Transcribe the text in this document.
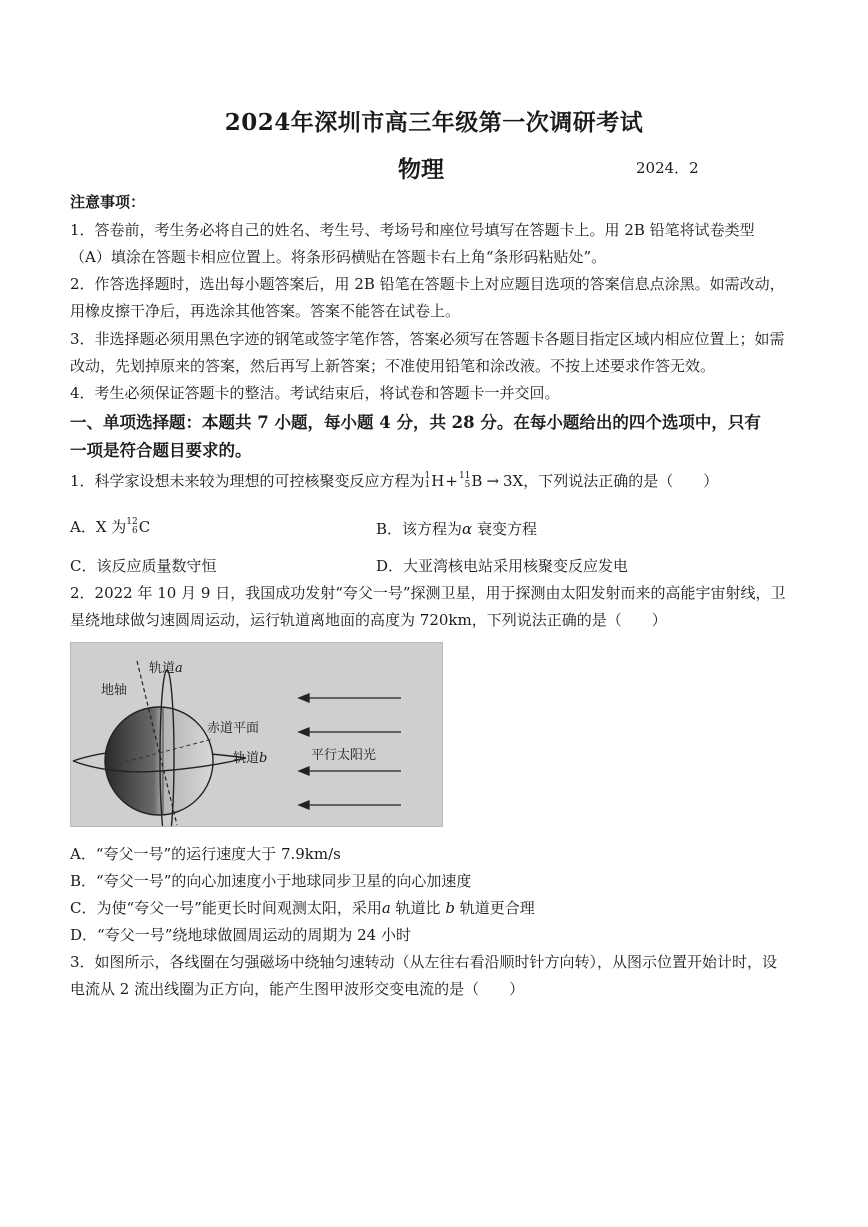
2024年深圳市高三年级第一次调研考试
物理	2024．2
注意事项：
1．答卷前，考生务必将自己的姓名、考生号、考场号和座位号填写在答题卡上。用 2B 铅笔将试卷类型
（A）填涂在答题卡相应位置上。将条形码横贴在答题卡右上角“条形码粘贴处”。
2．作答选择题时，选出每小题答案后，用 2B 铅笔在答题卡上对应题目选项的答案信息点涂黑。如需改动，
用橡皮擦干净后，再选涂其他答案。答案不能答在试卷上。
3．非选择题必须用黑色字迹的钢笔或签字笔作答，答案必须写在答题卡各题目指定区域内相应位置上；如需
改动，先划掉原来的答案，然后再写上新答案；不准使用铅笔和涂改液。不按上述要求作答无效。
4．考生必须保证答题卡的整洁。考试结束后，将试卷和答题卡一并交回。
一、单项选择题：本题共 7 小题，每小题 4 分，共 28 分。在每小题给出的四个选项中，只有
一项是符合题目要求的。
1．科学家设想未来较为理想的可控核聚变反应方程为 1
1 H + 11
5 B → 3X ，下列说法正确的是（　　）
A．X 为 12
6 C	B．该方程为α 衰变方程
C．该反应质量数守恒	D．大亚湾核电站采用核聚变反应发电
2．2022 年 10 月 9 日，我国成功发射“夸父一号”探测卫星，用于探测由太阳发射而来的高能宇宙射线，卫
星绕地球做匀速圆周运动，运行轨道离地面的高度为 720km，下列说法正确的是（　　）
轨道a
地轴
赤道平面
轨道b	平行太阳光
A．“夸父一号”的运行速度大于 7.9km/s
B．“夸父一号”的向心加速度小于地球同步卫星的向心加速度
C．为使“夸父一号”能更长时间观测太阳，采用a 轨道比 b 轨道更合理
D．“夸父一号”绕地球做圆周运动的周期为 24 小时
3．如图所示，各线圈在匀强磁场中绕轴匀速转动（从左往右看沿顺时针方向转），从图示位置开始计时，设
电流从 2 流出线圈为正方向，能产生图甲波形交变电流的是（　　）
